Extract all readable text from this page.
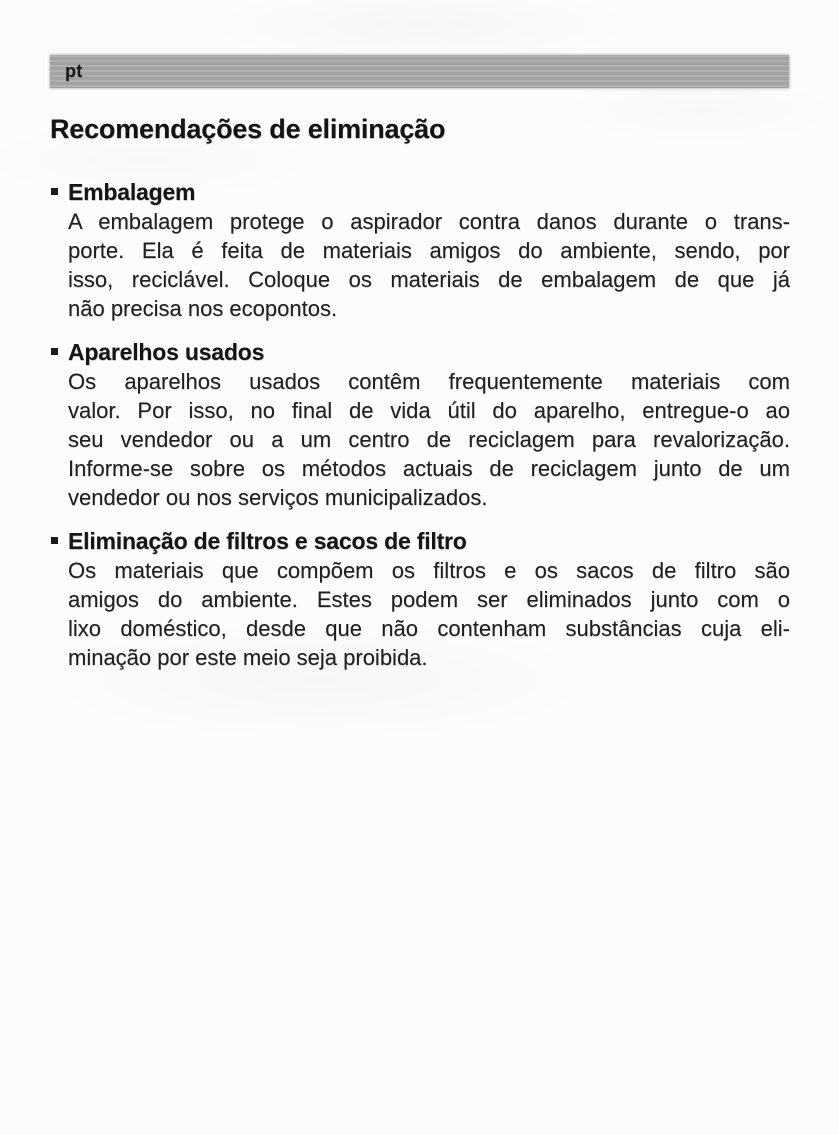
pt
Recomendações de eliminação
Embalagem
A embalagem protege o aspirador contra danos durante o trans-
porte. Ela é feita de materiais amigos do ambiente, sendo, por
isso, reciclável. Coloque os materiais de embalagem de que já
não precisa nos ecopontos.
Aparelhos usados
Os aparelhos usados contêm frequentemente materiais com
valor. Por isso, no final de vida útil do aparelho, entregue-o ao
seu vendedor ou a um centro de reciclagem para revalorização.
Informe-se sobre os métodos actuais de reciclagem junto de um
vendedor ou nos serviços municipalizados.
Eliminação de filtros e sacos de filtro
Os materiais que compõem os filtros e os sacos de filtro são
amigos do ambiente. Estes podem ser eliminados junto com o
lixo doméstico, desde que não contenham substâncias cuja eli-
minação por este meio seja proibida.
